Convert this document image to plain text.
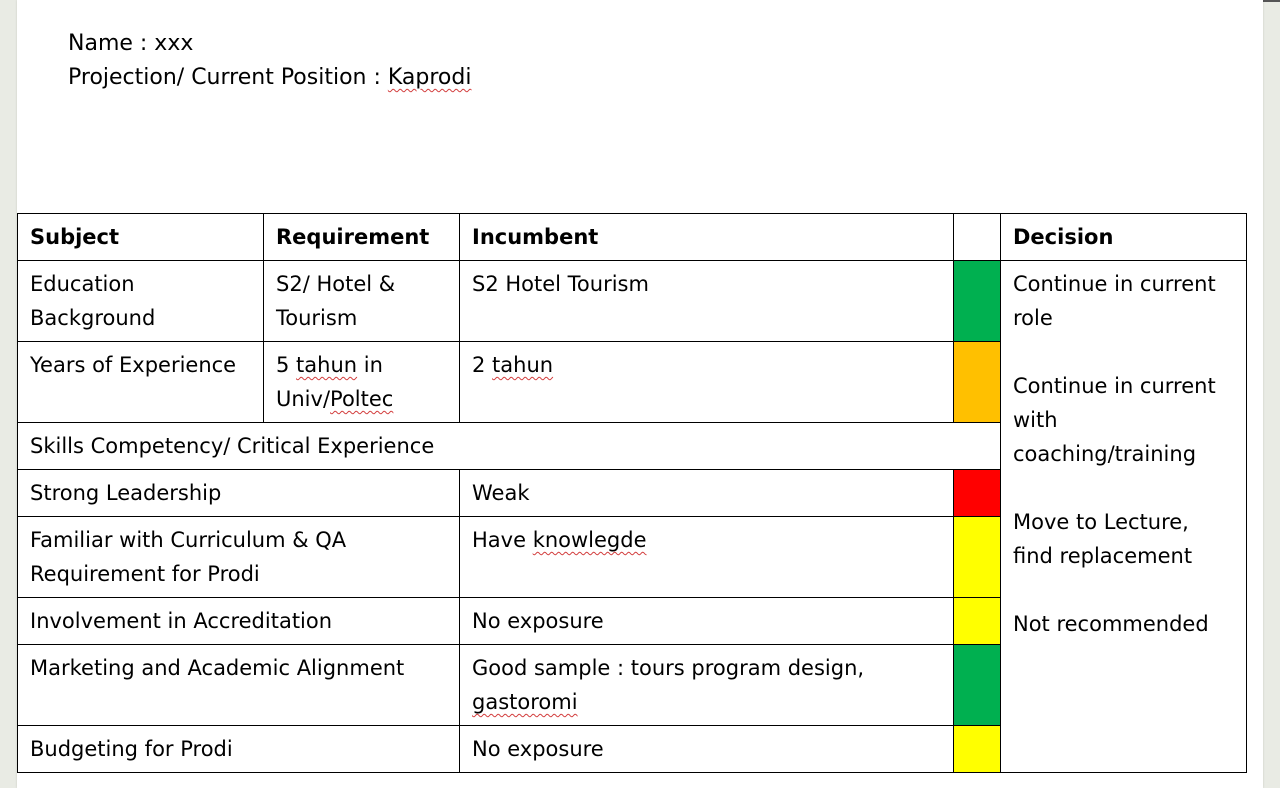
Name : xxx
Projection/ Current Position : Kaprodi
Subject	Requirement	Incumbent		Decision
Education Background	S2/ Hotel & Tourism	S2 Hotel Tourism		Continue in current role
Continue in current with coaching/training
Move to Lecture, find replacement
Not recommended

Years of Experience	5 tahun in Univ/Poltec	2 tahun		
Skills Competency/ Critical Experience				
Strong Leadership		Weak		
Familiar with Curriculum & QA Requirement for Prodi		Have knowlegde		
Involvement in Accreditation		No exposure		
Marketing and Academic Alignment		Good sample : tours program design, gastoromi		
Budgeting for Prodi		No exposure		
